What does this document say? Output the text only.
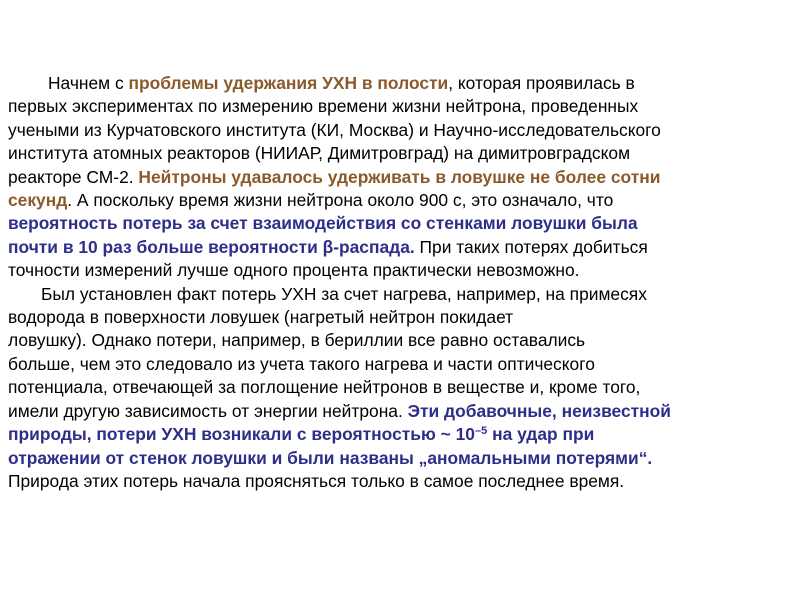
Начнем с проблемы удержания УХН в полости, которая проявилась в
первых экспериментах по измерению времени жизни нейтрона, проведенных
учеными из Курчатовского института (КИ, Москва) и Научно-исследовательского
института атомных реакторов (НИИАР, Димитровград) на димитровградском
реакторе СМ-2. Нейтроны удавалось удерживать в ловушке не более сотни
секунд. А поскольку время жизни нейтрона около 900 с, это означало, что
вероятность потерь за счет взаимодействия со стенками ловушки была
почти в 10 раз больше вероятности β-распада. При таких потерях добиться
точности измерений лучше одного процента практически невозможно.

Был установлен факт потерь УХН за счет нагрева, например, на примесях
водорода в поверхности ловушек (нагретый нейтрон покидает
ловушку). Однако потери, например, в бериллии все равно оставались
больше, чем это следовало из учета такого нагрева и части оптического
потенциала, отвечающей за поглощение нейтронов в веществе и, кроме того,
имели другую зависимость от энергии нейтрона. Эти добавочные, неизвестной
природы, потери УХН возникали с вероятностью ~ $10^{-5}$ на удар при
отражении от стенок ловушки и были названы „аномальными потерями“.
Природа этих потерь начала проясняться только в самое последнее время.
